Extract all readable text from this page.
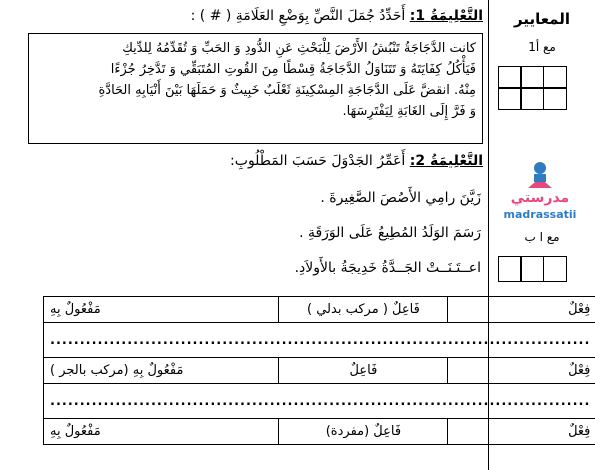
المعايير
مع أ1
مع ا ب
مدرستي
madrassatii
التَّعْلِيمَةُ 1: أَحَدِّدُ جُمَلَ النَّصِّ بِوَضْعِ العَلَامَةِ ( # ) :

كانت الدَّجَاجَةُ تَنْبُشُ الأَرْضَ لِلْبَحْثِ عَنِ الدُّودِ وَ الحَبِّ وَ تُقَدِّمُهُ لِلدِّيكِ

فَيَأْكُلُ كِفَايَتَهُ وَ تَتَنَاوَلُ الدَّجَاجَةُ قِسْطًا مِنَ القُوتِ المُتَبَقِّي وَ تَدَّخِرُ جُزْءًا

مِنْهُ. انقضَّ عَلَى الدَّجَاجَةِ المِسْكِينَةِ ثَعْلَبٌ خَبِيثٌ وَ حَمَلَهَا بَيْنَ أَنْيَابِهِ الحَادَّةِ

وَ فَرَّ إِلَى الغَابَةِ لِيَفْتَرِسَهَا.

التَّعْلِيمَةُ 2: أَعَمِّرُ الجَدْوَلَ حَسَبَ المَطْلُوبِ:
زَيَّنَ رامِي الأَصُصَ الصَّغِيرةَ .
رَسَمَ الوَلَدُ المُطِيعُ عَلَى الوَرَقَةِ .
اعــتَـنَــتْ الجَــدَّةُ خَدِيجَةُ بالأَولاَدِ.
فِعْلٌ	فَاعِلٌ ( مركب بدلي )	مَفْعُولٌ بِهِ
...........................................................................................		
فِعْلٌ	فَاعِلٌ	مَفْعُولٌ بِهِ (مركب بالجر )
...........................................................................................		
فِعْلٌ	فَاعِلٌ (مفردة)	مَفْعُولٌ بِهِ
